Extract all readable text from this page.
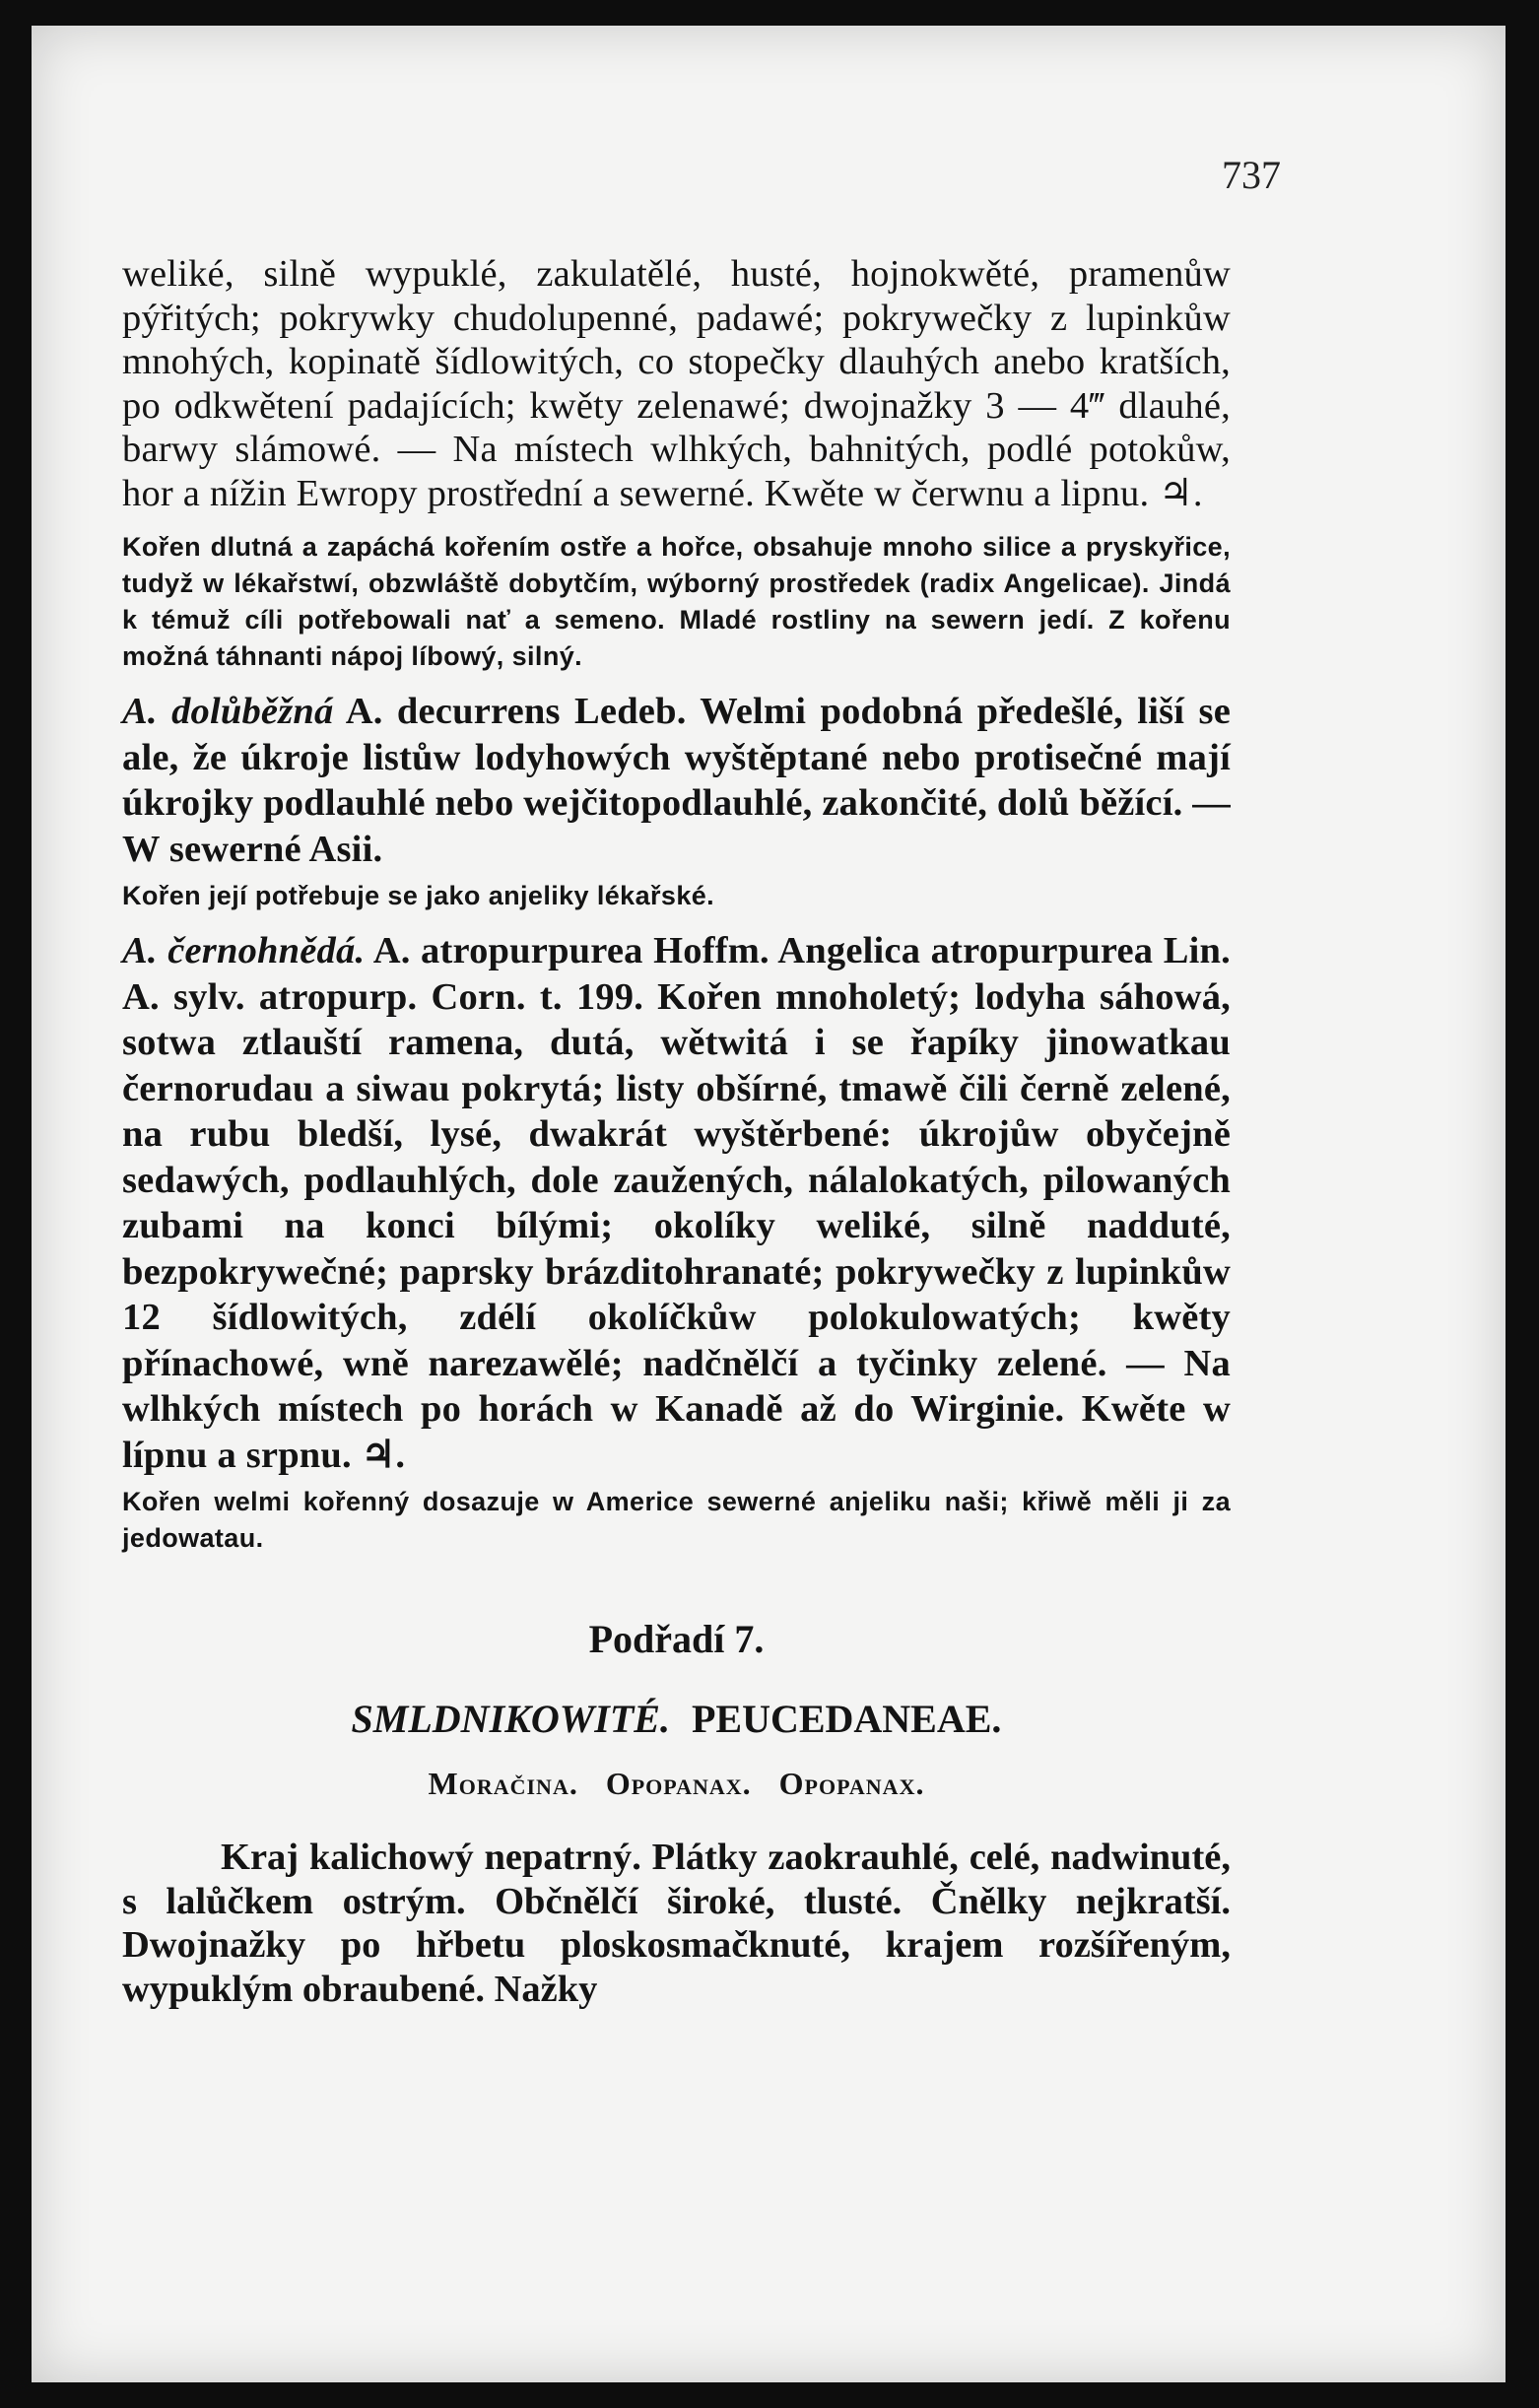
737

weliké, silně wypuklé, zakulatělé, husté, hojnokwěté, pramenůw pýřitých; pokrywky chudolupenné, padawé; pokrywečky z lupinkůw mnohých, kopinatě šídlowitých, co stopečky dlauhých anebo kratších, po odkwětení padajících; kwěty zelenawé; dwojnažky 3 — 4‴ dlauhé, barwy slámowé. — Na místech wlhkých, bahnitých, podlé potokůw, hor a nížin Ewropy prostřední a sewerné. Kwěte w čerwnu a lipnu. ♃.

Kořen dlutná a zapáchá kořením ostře a hořce, obsahuje mnoho silice a pryskyřice, tudyž w lékařstwí, obzwláště dobytčím, wýborný prostředek (radix Angelicae). Jindá k témuž cíli potřebowali nať a semeno. Mladé rostliny na sewern jedí. Z kořenu možná táhnanti nápoj líbowý, silný.

A. dolůběžná A. decurrens Ledeb. Welmi podobná předešlé, liší se ale, že úkroje listůw lodyhowých wyštěptané nebo protisečné mají úkrojky podlauhlé nebo wejčitopodlauhlé, zakončité, dolů běžící. — W sewerné Asii.

Kořen její potřebuje se jako anjeliky lékařské.

A. černohnědá. A. atropurpurea Hoffm. Angelica atropurpurea Lin. A. sylv. atropurp. Corn. t. 199. Kořen mnoholetý; lodyha sáhowá, sotwa ztlauští ramena, dutá, wětwitá i se řapíky jinowatkau černorudau a siwau pokrytá; listy obšírné, tmawě čili černě zelené, na rubu bledší, lysé, dwakrát wyštěrbené: úkrojůw obyčejně sedawých, podlauhlých, dole zaužených, nálalokatých, pilowaných zubami na konci bílými; okolíky weliké, silně nadduté, bezpokrywečné; paprsky brázditohranaté; pokrywečky z lupinkůw 12 šídlowitých, zdélí okolíčkůw polokulowatých; kwěty přínachowé, wně narezawělé; nadčnělčí a tyčinky zelené. — Na wlhkých místech po horách w Kanadě až do Wirginie. Kwěte w lípnu a srpnu. ♃.

Kořen welmi kořenný dosazuje w Americe sewerné anjeliku naši; křiwě měli ji za jedowatau.

Podřadí 7.
SMLDNIKOWITÉ. PEUCEDANEAE.
Moračina. Opopanax. Opopanax.

Kraj kalichowý nepatrný. Plátky zaokrauhlé, celé, nadwinuté, s lalůčkem ostrým. Občnělčí široké, tlusté. Čnělky nejkratší. Dwojnažky po hřbetu ploskosmačknuté, krajem rozšířeným, wypuklým obraubené. Nažky
